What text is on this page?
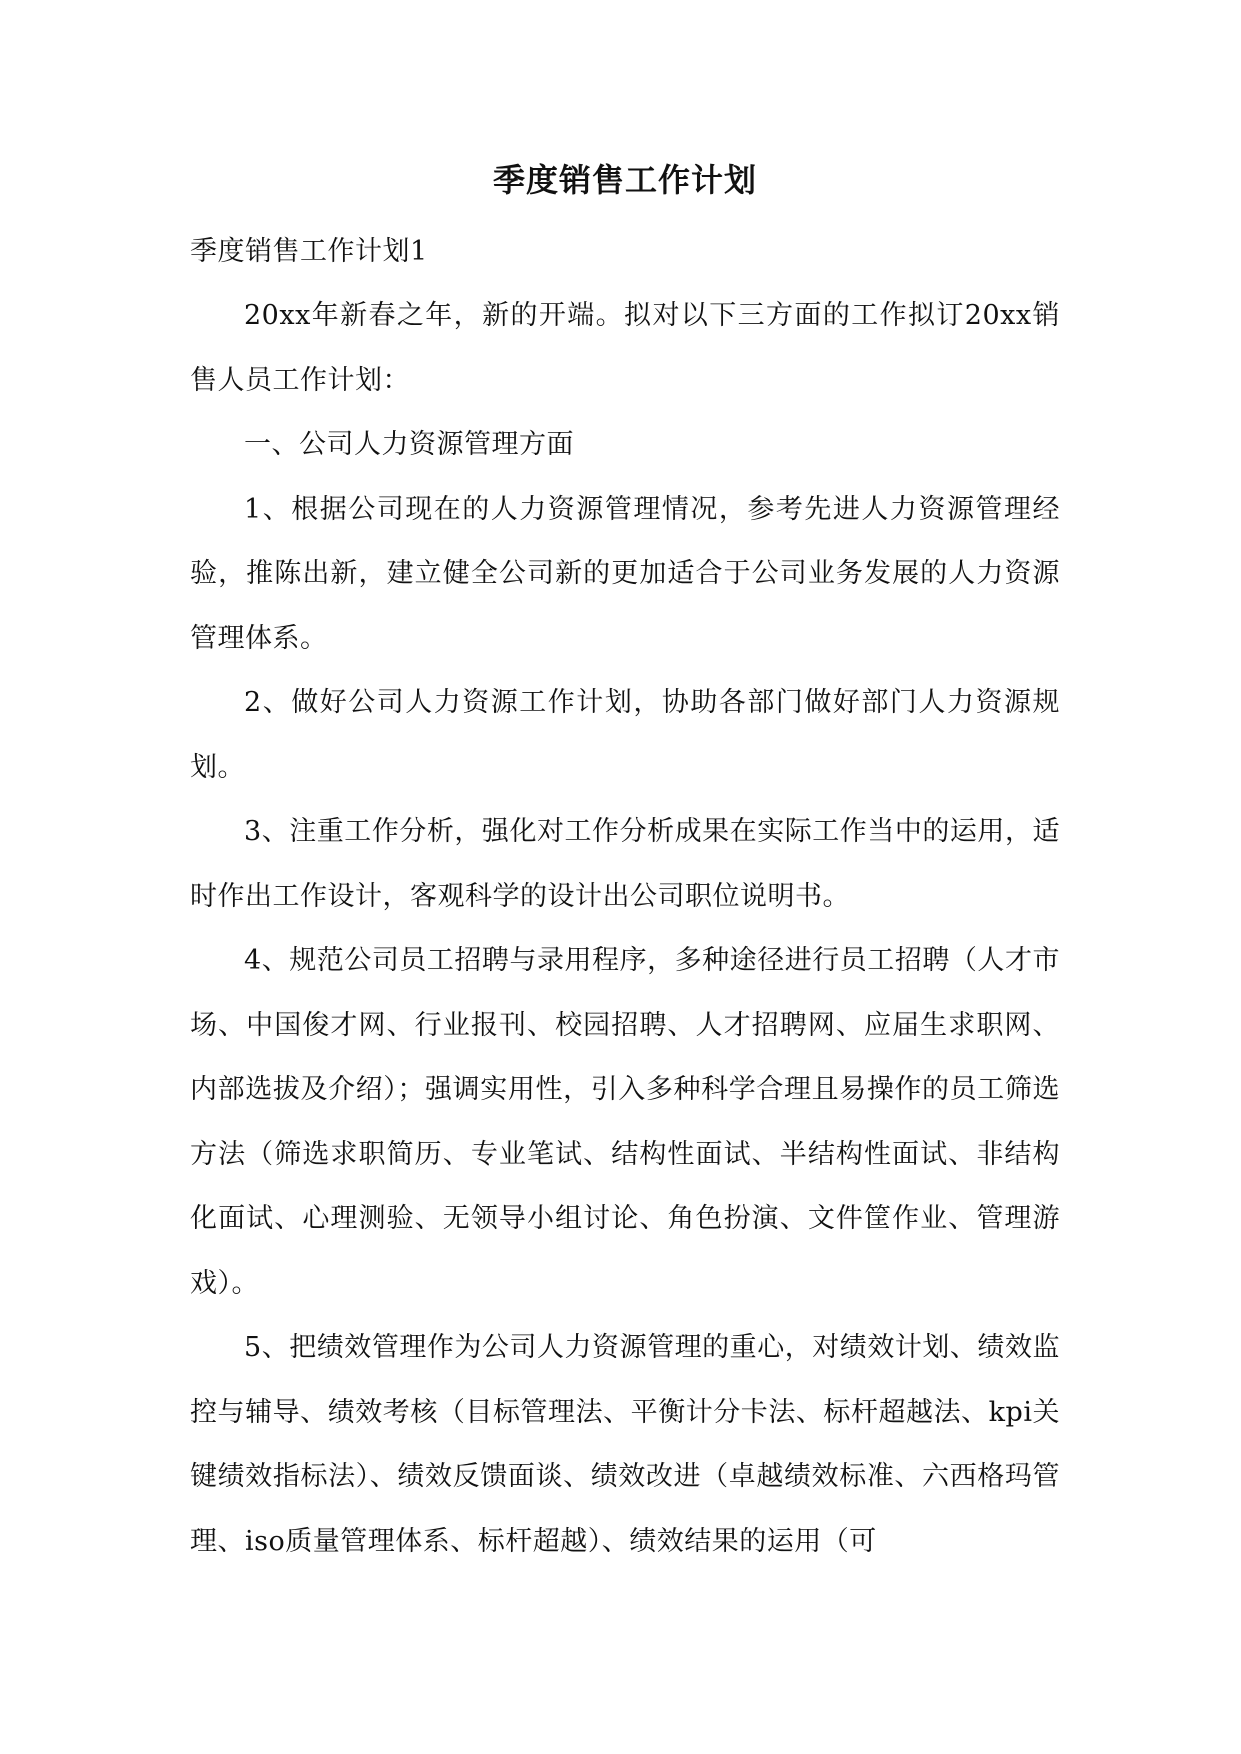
季度销售工作计划

季度销售工作计划1

20xx年新春之年，新的开端。拟对以下三方面的工作拟订20xx销售人员工作计划：

一、公司人力资源管理方面

1、根据公司现在的人力资源管理情况，参考先进人力资源管理经验，推陈出新，建立健全公司新的更加适合于公司业务发展的人力资源管理体系。

2、做好公司人力资源工作计划，协助各部门做好部门人力资源规划。

3、注重工作分析，强化对工作分析成果在实际工作当中的运用，适时作出工作设计，客观科学的设计出公司职位说明书。

4、规范公司员工招聘与录用程序，多种途径进行员工招聘（人才市场、中国俊才网、行业报刊、校园招聘、人才招聘网、应届生求职网、内部选拔及介绍）；强调实用性，引入多种科学合理且易操作的员工筛选方法（筛选求职简历、专业笔试、结构性面试、半结构性面试、非结构化面试、心理测验、无领导小组讨论、角色扮演、文件筐作业、管理游戏）。

5、把绩效管理作为公司人力资源管理的重心，对绩效计划、绩效监控与辅导、绩效考核（目标管理法、平衡计分卡法、标杆超越法、kpi关键绩效指标法）、绩效反馈面谈、绩效改进（卓越绩效标准、六西格玛管理、iso质量管理体系、标杆超越）、绩效结果的运用（可
